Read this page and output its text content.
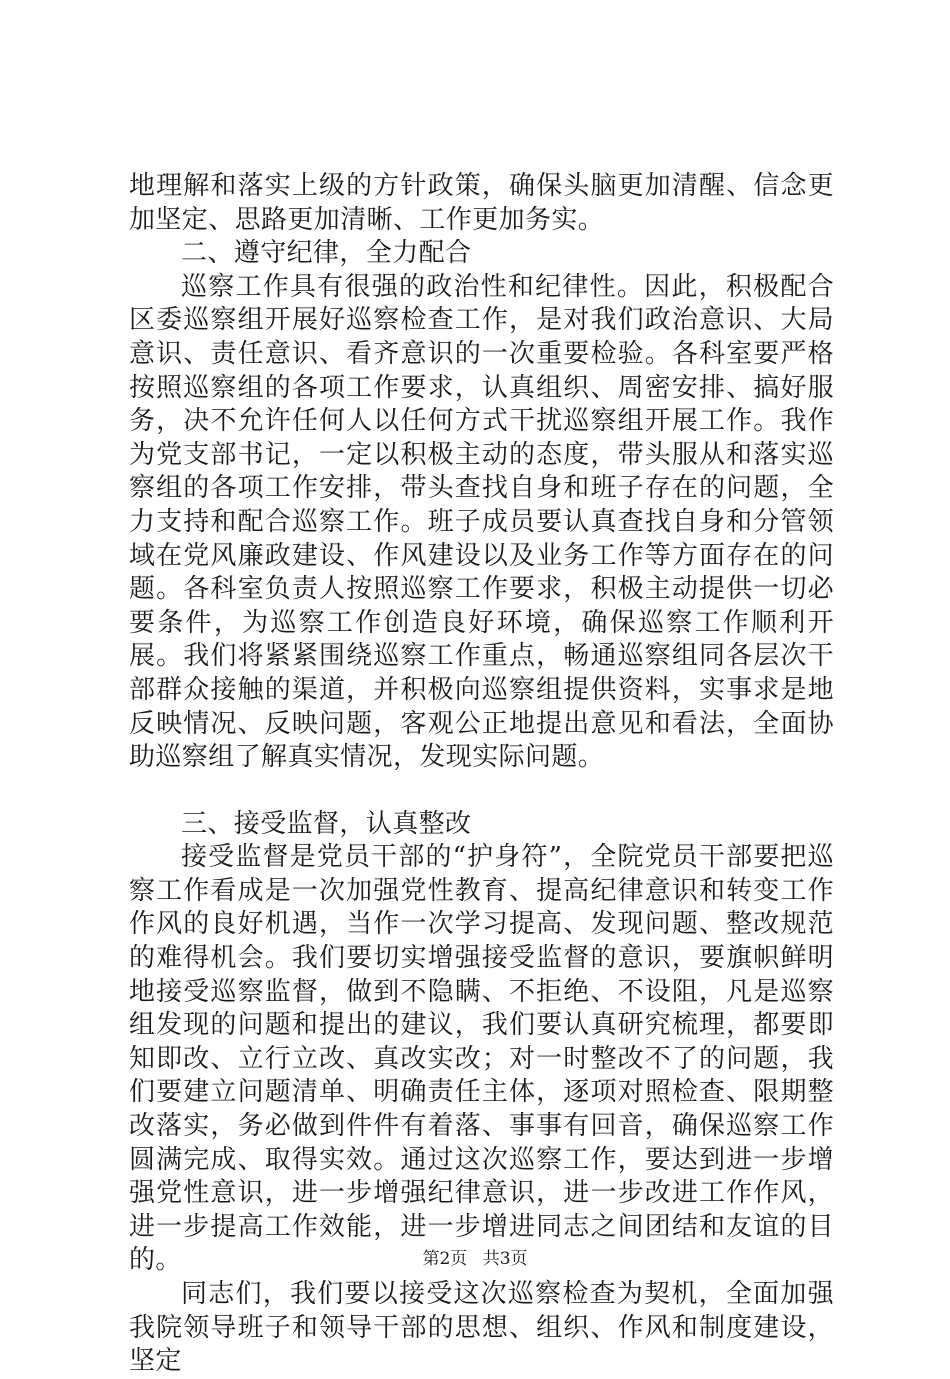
地理解和落实上级的方针政策，确保头脑更加清醒、信念更加坚定、思路更加清晰、工作更加务实。

二、遵守纪律，全力配合

巡察工作具有很强的政治性和纪律性。因此，积极配合区委巡察组开展好巡察检查工作，是对我们政治意识、大局意识、责任意识、看齐意识的一次重要检验。各科室要严格按照巡察组的各项工作要求，认真组织、周密安排、搞好服务，决不允许任何人以任何方式干扰巡察组开展工作。我作为党支部书记，一定以积极主动的态度，带头服从和落实巡察组的各项工作安排，带头查找自身和班子存在的问题，全力支持和配合巡察工作。班子成员要认真查找自身和分管领域在党风廉政建设、作风建设以及业务工作等方面存在的问题。各科室负责人按照巡察工作要求，积极主动提供一切必要条件，为巡察工作创造良好环境，确保巡察工作顺利开展。我们将紧紧围绕巡察工作重点，畅通巡察组同各层次干部群众接触的渠道，并积极向巡察组提供资料，实事求是地反映情况、反映问题，客观公正地提出意见和看法，全面协助巡察组了解真实情况，发现实际问题。

三、接受监督，认真整改

接受监督是党员干部的“护身符”，全院党员干部要把巡察工作看成是一次加强党性教育、提高纪律意识和转变工作作风的良好机遇，当作一次学习提高、发现问题、整改规范的难得机会。我们要切实增强接受监督的意识，要旗帜鲜明地接受巡察监督，做到不隐瞒、不拒绝、不设阻，凡是巡察组发现的问题和提出的建议，我们要认真研究梳理，都要即知即改、立行立改、真改实改；对一时整改不了的问题，我们要建立问题清单、明确责任主体，逐项对照检查、限期整改落实，务必做到件件有着落、事事有回音，确保巡察工作圆满完成、取得实效。通过这次巡察工作，要达到进一步增强党性意识，进一步增强纪律意识，进一步改进工作作风，进一步提高工作效能，进一步增进同志之间团结和友谊的目的。

同志们，我们要以接受这次巡察检查为契机，全面加强我院领导班子和领导干部的思想、组织、作风和制度建设，坚定

第2页 共3页
